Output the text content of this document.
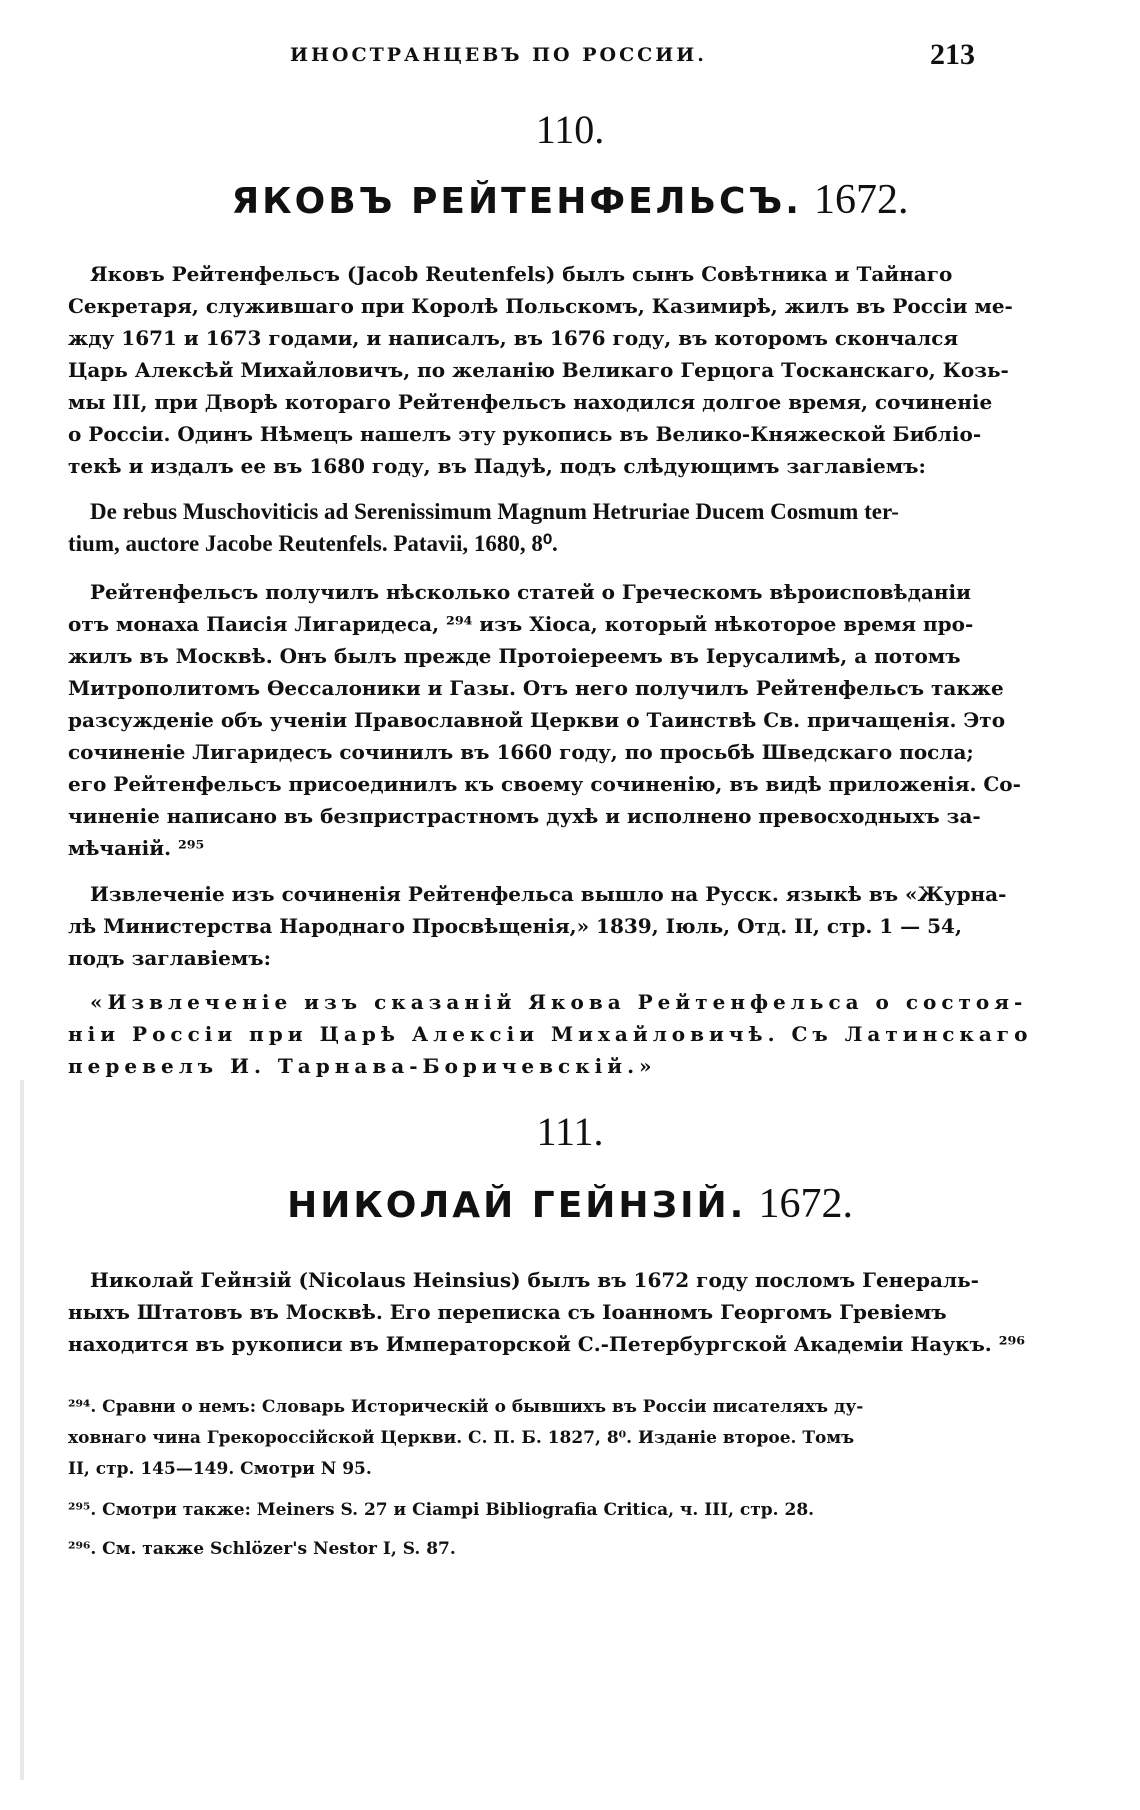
ИНОСТРАНЦЕВЪ ПО РОССИИ.	213
110.
ЯКОВЪ РЕЙТЕНФЕЛЬСЪ. 1672.
Яковъ Рейтенфельсъ (Jacob Reutenfels) былъ сынъ Совѣтника и Тайнаго
Секретаря, служившаго при Королѣ Польскомъ, Казимирѣ, жилъ въ Россіи ме-
жду 1671 и 1673 годами, и написалъ, въ 1676 году, въ которомъ скончался
Царь Алексѣй Михайловичъ, по желанію Великаго Герцога Тосканскаго, Козь-
мы III, при Дворѣ котораго Рейтенфельсъ находился долгое время, сочиненіе
о Россіи. Одинъ Нѣмецъ нашелъ эту рукопись въ Велико-Княжеской Библіо-
текѣ и издалъ ее въ 1680 году, въ Падуѣ, подъ слѣдующимъ заглавіемъ:
De rebus Muschoviticis ad Serenissimum Magnum Hetruriae Ducem Cosmum ter-
tium, auctore Jacobe Reutenfels. Patavii, 1680, 8⁰.
Рейтенфельсъ получилъ нѣсколько статей о Греческомъ вѣроисповѣданіи
отъ монаха Паисія Лигаридеса, ²⁹⁴ изъ Хіоса, который нѣкоторое время про-
жилъ въ Москвѣ. Онъ былъ прежде Протоіереемъ въ Іерусалимѣ, а потомъ
Митрополитомъ Ѳессалоники и Газы. Отъ него получилъ Рейтенфельсъ также
разсужденіе объ ученіи Православной Церкви о Таинствѣ Св. причащенія. Это
сочиненіе Лигаридесъ сочинилъ въ 1660 году, по просьбѣ Шведскаго посла;
его Рейтенфельсъ присоединилъ къ своему сочиненію, въ видѣ приложенія. Со-
чиненіе написано въ безпристрастномъ духѣ и исполнено превосходныхъ за-
мѣчаній. ²⁹⁵
Извлеченіе изъ сочиненія Рейтенфельса вышло на Русск. языкѣ въ «Журна-
лѣ Министерства Народнаго Просвѣщенія,» 1839, Іюль, Отд. II, стр. 1 — 54,
подъ заглавіемъ:
«Извлеченіе изъ сказаній Якова Рейтенфельса о состоя-
ніи Россіи при Царѣ Алексіи Михайловичѣ. Съ Латинскаго
перевелъ И. Тарнава-Боричевскій.»
111.
НИКОЛАЙ ГЕЙНЗІЙ. 1672.
Николай Гейнзій (Nicolaus Heinsius) былъ въ 1672 году посломъ Генераль-
ныхъ Штатовъ въ Москвѣ. Его переписка съ Іоанномъ Георгомъ Гревіемъ
находится въ рукописи въ Императорской С.-Петербургской Академіи Наукъ. ²⁹⁶
²⁹⁴. Сравни о немъ: Словарь Историческій о бывшихъ въ Россіи писателяхъ ду-
ховнаго чина Грекороссійской Церкви. С. П. Б. 1827, 8⁰. Изданіе второе. Томъ
II, стр. 145—149. Смотри N 95.
²⁹⁵. Смотри также: Meiners S. 27 и Ciampi Bibliografia Critica, ч. III, стр. 28.
²⁹⁶. См. также Schlözer's Nestor I, S. 87.
